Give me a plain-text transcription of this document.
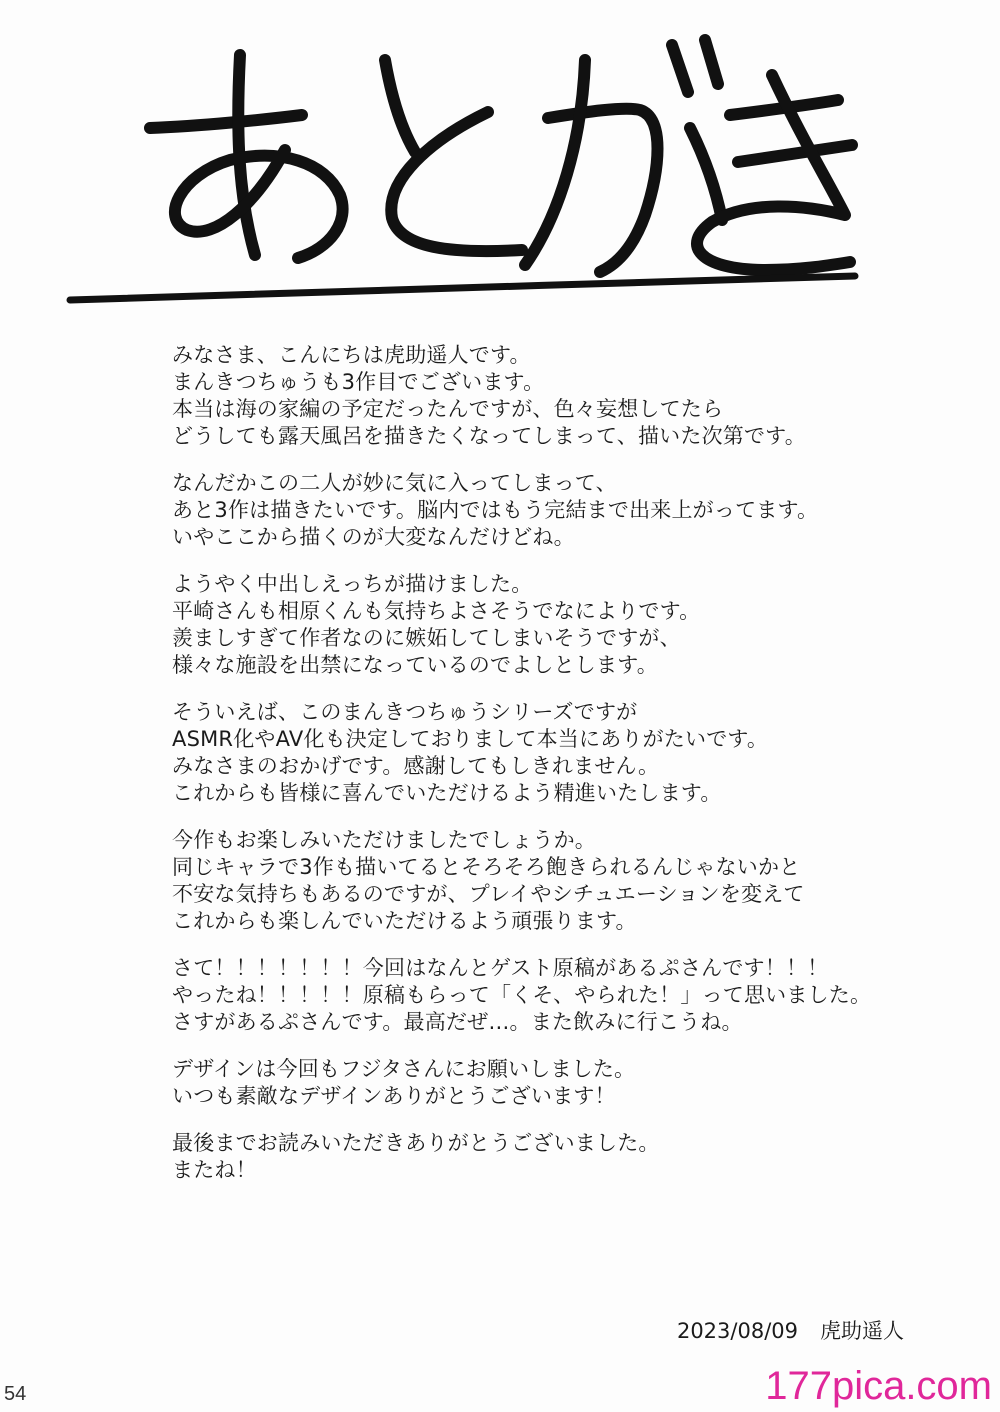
みなさま、こんにちは虎助遥人です。
まんきつちゅうも3作目でございます。
本当は海の家編の予定だったんですが、色々妄想してたら
どうしても露天風呂を描きたくなってしまって、描いた次第です。
なんだかこの二人が妙に気に入ってしまって、
あと3作は描きたいです。脳内ではもう完結まで出来上がってます。
いやここから描くのが大変なんだけどね。
ようやく中出しえっちが描けました。
平崎さんも相原くんも気持ちよさそうでなによりです。
羨ましすぎて作者なのに嫉妬してしまいそうですが、
様々な施設を出禁になっているのでよしとします。
そういえば、このまんきつちゅうシリーズですが
ASMR化やAV化も決定しておりまして本当にありがたいです。
みなさまのおかげです。感謝してもしきれません。
これからも皆様に喜んでいただけるよう精進いたします。
今作もお楽しみいただけましたでしょうか。
同じキャラで3作も描いてるとそろそろ飽きられるんじゃないかと
不安な気持ちもあるのですが、プレイやシチュエーションを変えて
これからも楽しんでいただけるよう頑張ります。
さて！！！！！！！今回はなんとゲスト原稿があるぷさんです！！！
やったね！！！！！原稿もらって「くそ、やられた！」って思いました。
さすがあるぷさんです。最高だぜ…。また飲みに行こうね。
デザインは今回もフジタさんにお願いしました。
いつも素敵なデザインありがとうございます！
最後までお読みいただきありがとうございました。
またね！
2023/08/09 虎助遥人
54	177pica.com
